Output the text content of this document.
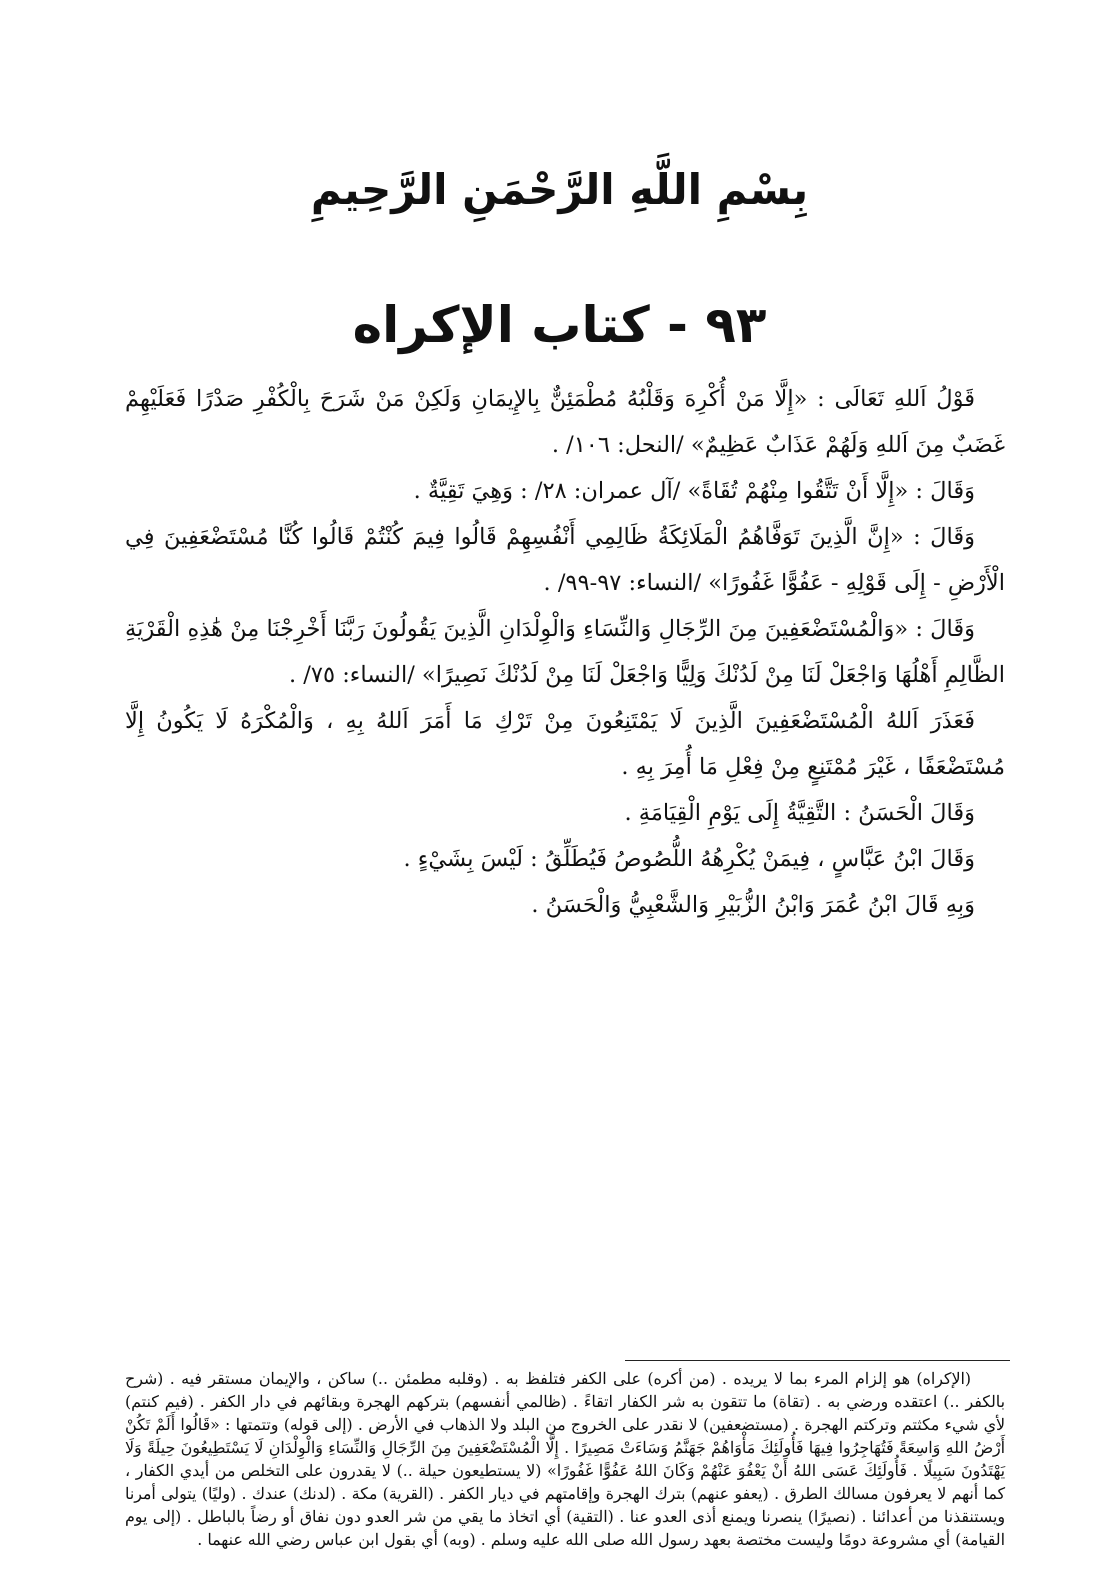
بِسْمِ اللَّهِ الرَّحْمَنِ الرَّحِيمِ
٩٣ - كتاب الإكراه

قَوْلُ اَللهِ تَعَالَى : «إِلَّا مَنْ أُكْرِهَ وَقَلْبُهُ مُطْمَئِنٌّ بِالإِيمَانِ وَلَكِنْ مَنْ شَرَحَ بِالْكُفْرِ صَدْرًا فَعَلَيْهِمْ غَضَبٌ مِنَ اَللهِ وَلَهُمْ عَذَابٌ عَظِيمٌ» /النحل: ١٠٦/ .

وَقَالَ : «إِلَّا أَنْ تَتَّقُوا مِنْهُمْ تُقَاةً» /آل عمران: ٢٨/ : وَهِيَ تَقِيَّةٌ .

وَقَالَ : «إِنَّ الَّذِينَ تَوَفَّاهُمُ الْمَلَائِكَةُ ظَالِمِي أَنْفُسِهِمْ قَالُوا فِيمَ كُنْتُمْ قَالُوا كُنَّا مُسْتَضْعَفِينَ فِي الْأَرْضِ - إِلَى قَوْلِهِ - عَفُوًّا غَفُورًا» /النساء: ٩٧-٩٩/ .

وَقَالَ : «وَالْمُسْتَضْعَفِينَ مِنَ الرِّجَالِ وَالنِّسَاءِ وَالْوِلْدَانِ الَّذِينَ يَقُولُونَ رَبَّنَا أَخْرِجْنَا مِنْ هَٰذِهِ الْقَرْيَةِ الظَّالِمِ أَهْلُهَا وَاجْعَلْ لَنَا مِنْ لَدُنْكَ وَلِيًّا وَاجْعَلْ لَنَا مِنْ لَدُنْكَ نَصِيرًا» /النساء: ٧٥/ .

فَعَذَرَ اَللهُ الْمُسْتَضْعَفِينَ الَّذِينَ لَا يَمْتَنِعُونَ مِنْ تَرْكِ مَا أَمَرَ اَللهُ بِهِ ، وَالْمُكْرَهُ لَا يَكُونُ إِلَّا مُسْتَضْعَفًا ، غَيْرَ مُمْتَنِعٍ مِنْ فِعْلِ مَا أُمِرَ بِهِ .

وَقَالَ الْحَسَنُ : التَّقِيَّةُ إِلَى يَوْمِ الْقِيَامَةِ .

وَقَالَ ابْنُ عَبَّاسٍ ، فِيمَنْ يُكْرِهُهُ اللُّصُوصُ فَيُطَلِّقُ : لَيْسَ بِشَيْءٍ .

وَبِهِ قَالَ ابْنُ عُمَرَ وَابْنُ الزُّبَيْرِ وَالشَّعْبِيُّ وَالْحَسَنُ .

(الإكراه) هو إلزام المرء بما لا يريده . (من أكره) على الكفر فتلفظ به . (وقلبه مطمئن ..) ساكن ، والإيمان مستقر فيه . (شرح بالكفر ..) اعتقده ورضي به . (تقاة) ما تتقون به شر الكفار اتقاءً . (ظالمي أنفسهم) بتركهم الهجرة وبقائهم في دار الكفر . (فيم كنتم) لأي شيء مكثتم وتركتم الهجرة . (مستضعفين) لا نقدر على الخروج من البلد ولا الذهاب في الأرض . (إلى قوله) وتتمتها : «قَالُوا أَلَمْ تَكُنْ أَرْضُ اللهِ وَاسِعَةً فَتُهَاجِرُوا فِيهَا فَأُولَئِكَ مَأْوَاهُمْ جَهَنَّمُ وَسَاءَتْ مَصِيرًا . إِلَّا الْمُسْتَضْعَفِينَ مِنَ الرِّجَالِ وَالنِّسَاءِ وَالْوِلْدَانِ لَا يَسْتَطِيعُونَ حِيلَةً وَلَا يَهْتَدُونَ سَبِيلًا . فَأُولَئِكَ عَسَى اللهُ أَنْ يَعْفُوَ عَنْهُمْ وَكَانَ اللهُ عَفُوًّا غَفُورًا» (لا يستطيعون حيلة ..) لا يقدرون على التخلص من أيدي الكفار ، كما أنهم لا يعرفون مسالك الطرق . (يعفو عنهم) بترك الهجرة وإقامتهم في ديار الكفر . (القرية) مكة . (لدنك) عندك . (وليًا) يتولى أمرنا ويستنقذنا من أعدائنا . (نصيرًا) ينصرنا ويمنع أذى العدو عنا . (التقية) أي اتخاذ ما يقي من شر العدو دون نفاق أو رضاً بالباطل . (إلى يوم القيامة) أي مشروعة دومًا وليست مختصة بعهد رسول الله صلى الله عليه وسلم . (وبه) أي بقول ابن عباس رضي الله عنهما .
